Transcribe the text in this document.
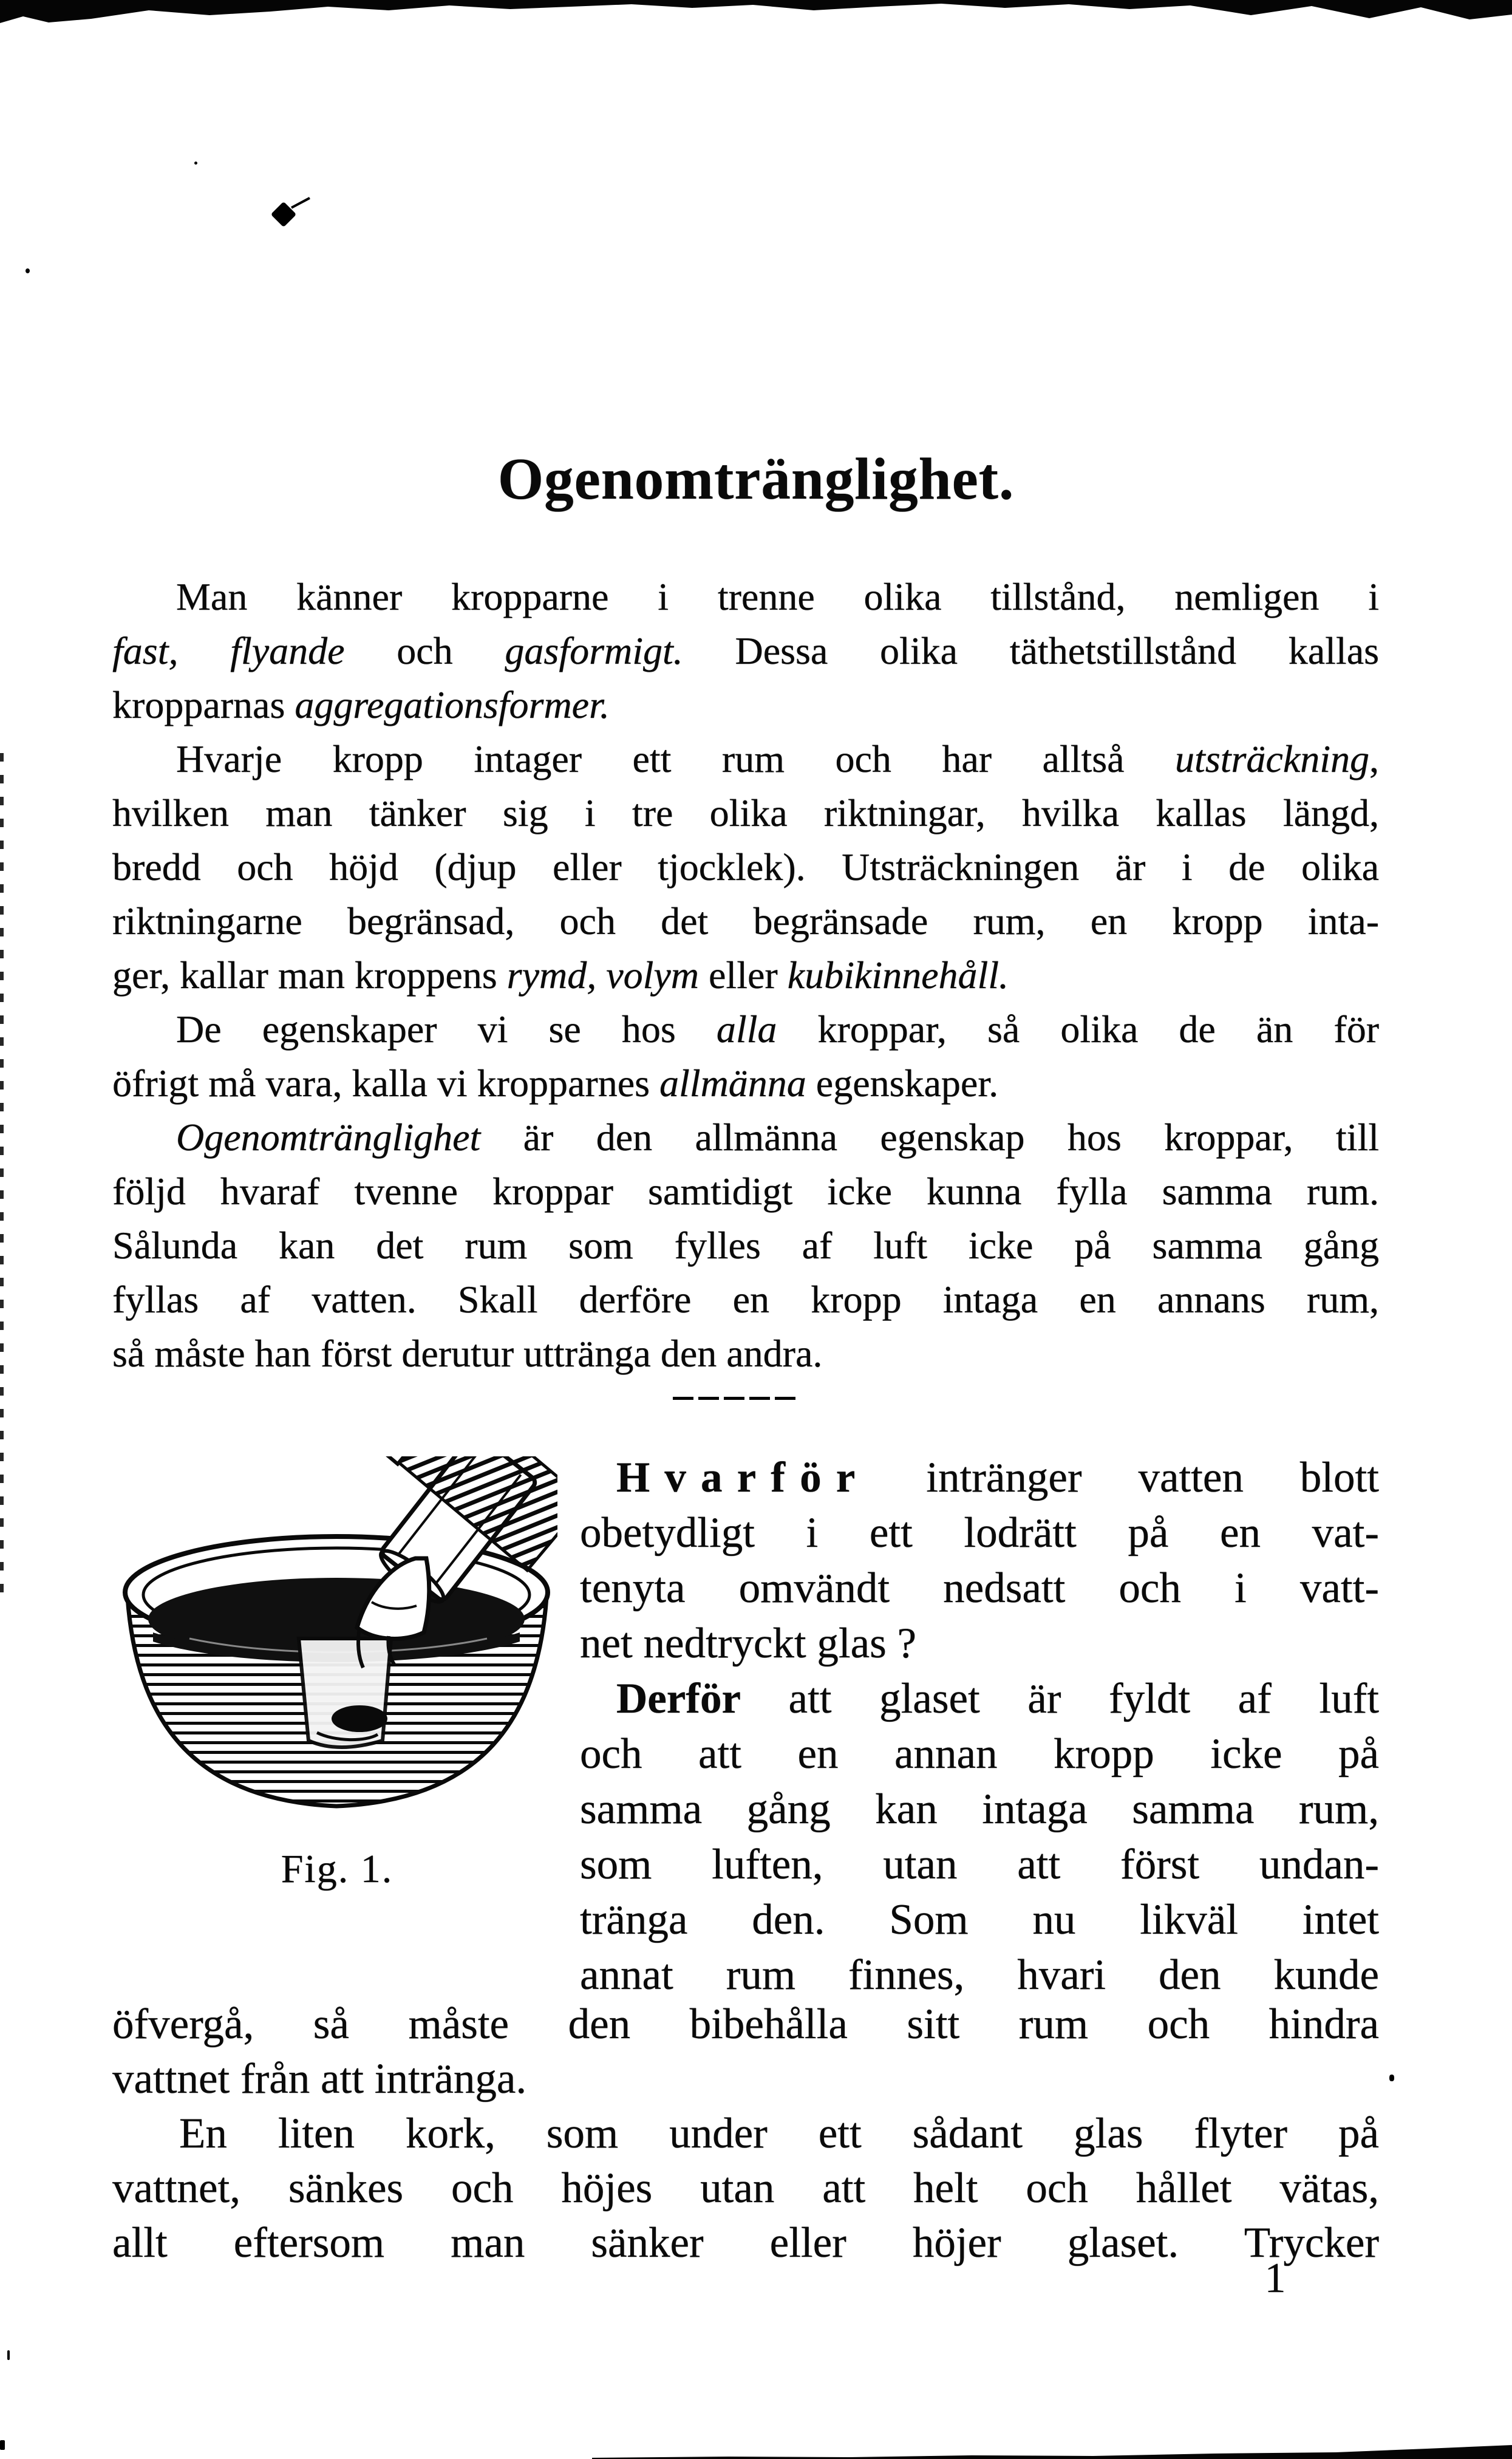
Ogenomtränglighet.
Man känner kropparne i trenne olika tillstånd, nemligen i
fast, flyande och gasformigt. Dessa olika täthetstillstånd kallas
kropparnas aggregationsformer.
Hvarje kropp intager ett rum och har alltså utsträckning,
hvilken man tänker sig i tre olika riktningar, hvilka kallas längd,
bredd och höjd (djup eller tjocklek). Utsträckningen är i de olika
riktningarne begränsad, och det begränsade rum, en kropp inta-
ger, kallar man kroppens rymd, volym eller kubikinnehåll.
De egenskaper vi se hos alla kroppar, så olika de än för
öfrigt må vara, kalla vi kropparnes allmänna egenskaper.
Ogenomtränglighet är den allmänna egenskap hos kroppar, till
följd hvaraf tvenne kroppar samtidigt icke kunna fylla samma rum.
Sålunda kan det rum som fylles af luft icke på samma gång
fyllas af vatten. Skall derföre en kropp intaga en annans rum,
så måste han först derutur uttränga den andra.
Fig. 1.
Hvarför intränger vatten blott
obetydligt i ett lodrätt på en vat-
tenyta omvändt nedsatt och i vatt-
net nedtryckt glas ?
Derför att glaset är fyldt af luft
och att en annan kropp icke på
samma gång kan intaga samma rum,
som luften, utan att först undan-
tränga den. Som nu likväl intet
annat rum finnes, hvari den kunde
öfvergå, så måste den bibehålla sitt rum och hindra
vattnet från att intränga.
En liten kork, som under ett sådant glas flyter på
vattnet, sänkes och höjes utan att helt och hållet vätas,
allt eftersom man sänker eller höjer glaset. Trycker
1
